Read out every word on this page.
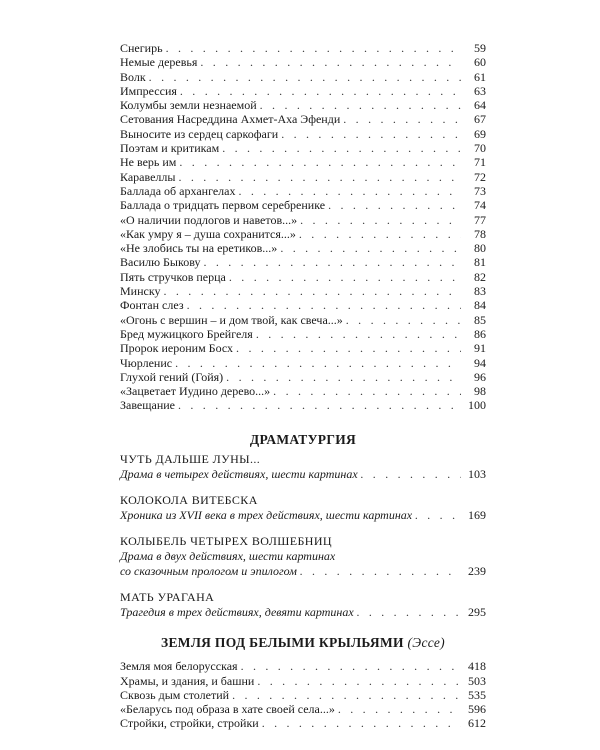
Снегирь . . .	59
Немые деревья . . .	60
Волк . . .	61
Импрессия . . .	63
Колумбы земли незнаемой . . .	64
Сетования Насреддина Ахмет-Аха Эфенди . . .	67
Выносите из сердец саркофаги . . .	69
Поэтам и критикам . . .	70
Не верь им . . .	71
Каравеллы . . .	72
Баллада об архангелах . . .	73
Баллада о тридцать первом серебренике . . .	74
«О наличии подлогов и наветов...» . . .	77
«Как умру я – душа сохранится...» . . .	78
«Не злобись ты на еретиков...» . . .	80
Василю Быкову . . .	81
Пять стручков перца . . .	82
Минску . . .	83
Фонтан слез . . .	84
«Огонь с вершин – и дом твой, как свеча...» . . .	85
Бред мужицкого Брейгеля . . .	86
Пророк иероним Босх . . .	91
Чюрленис . . .	94
Глухой гений (Гойя) . . .	96
«Зацветает Иудино дерево...» . . .	98
Завещание . . .	100
ДРАМАТУРГИЯ
ЧУТЬ ДАЛЬШЕ ЛУНЫ...
Драма в четырех действиях, шести картинах . . .	103
КОЛОКОЛА ВИТЕБСКА
Хроника из XVII века в трех действиях, шести картинах . . .	169
КОЛЫБЕЛЬ ЧЕТЫРЕХ ВОЛШЕБНИЦ
Драма в двух действиях, шести картинах
со сказочным прологом и эпилогом . . .	239
МАТЬ УРАГАНА
Трагедия в трех действиях, девяти картинах . . .	295
ЗЕМЛЯ ПОД БЕЛЫМИ КРЫЛЬЯМИ (Эссе)
Земля моя белорусская . . .	418
Храмы, и здания, и башни . . .	503
Сквозь дым столетий . . .	535
«Беларусь под образа в хате своей села...» . . .	596
Стройки, стройки, стройки . . .	612
